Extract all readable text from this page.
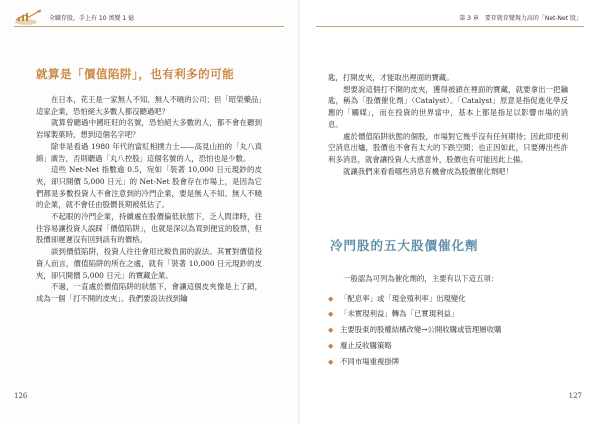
全職存股，手上有 10 萬變 1 億
就算是「價值陷阱」，也有利多的可能

在日本，花王是一家無人不知、無人不曉的公司；但「昭榮藥品」這家企業，恐怕絕大多數人都沒聽過吧？

就算曾聽過中國旺旺的名號，恐怕絕大多數的人，都不會在聽到岩塚製菓時，想到這個名字吧？

除非是看過 1980 年代的當紅相撲力士——高見山拍的「丸八真綿」廣告，否則聽過「丸八控股」這個名號的人，恐怕也是少數。

這些 Net-Net 指數逾 0.5，宛如「裝著 10,000 日元現鈔的皮夾，卻只開價 5,000 日元」的 Net-Net 股會存在市場上，是因為它們都是多數投資人不會注意到的冷門企業，要是無人不知、無人不曉的企業，就不會任由股價長期被低估了。

不起眼的冷門企業，持續處在股價偏低狀態下，乏人問津時，往往容易讓投資人誤踩「價值陷阱」，也就是深以為買到便宜的股票，但股價卻遲遲沒有回到該有的價格。

談到價值陷阱，投資人往往會用比較負面的說法。其實對價值投資人而言，價值陷阱的所在之處，就有「裝著 10,000 日元現鈔的皮夾，卻只開價 5,000 日元」的寶藏企業。

不過，一直處於價值陷阱的狀態下，會讓這個皮夾像是上了鎖，成為一個「打不開的皮夾」。我們要設法找到鑰

126
第 3 章　要存就存變現力高的「Net-Net 股」

匙，打開皮夾，才能取出裡面的寶藏。

想要說這個打不開的皮夾，獲得被鎖在裡面的寶藏，就要拿出一把鑰匙，稱為「股價催化劑」（Catalyst）。「Catalyst」原意是指促進化學反應的「觸媒」，而在投資的世界當中，基本上都是指足以影響市場的消息。

處於價值陷阱狀態的個股，市場對它幾乎沒有任何期待；因此即使利空消息出爐，股價也不會有太大的下跌空間；也正因如此，只要傳出些許利多消息，就會讓投資人大感意外，股價也有可能因此上揚。

就讓我們來看看哪些消息有機會成為股價催化劑吧！

冷門股的五大股價催化劑

一般認為可列為催化劑的，主要有以下這五項：

◆ 「配息率」或「現金殖利率」出現變化
◆ 「未實現利益」轉為「已實現利益」
◆ 主要股東的股權結構改變→公開收購或管理層收購
◆ 廢止反收購策略
◆ 不同市場重複掛牌
127
